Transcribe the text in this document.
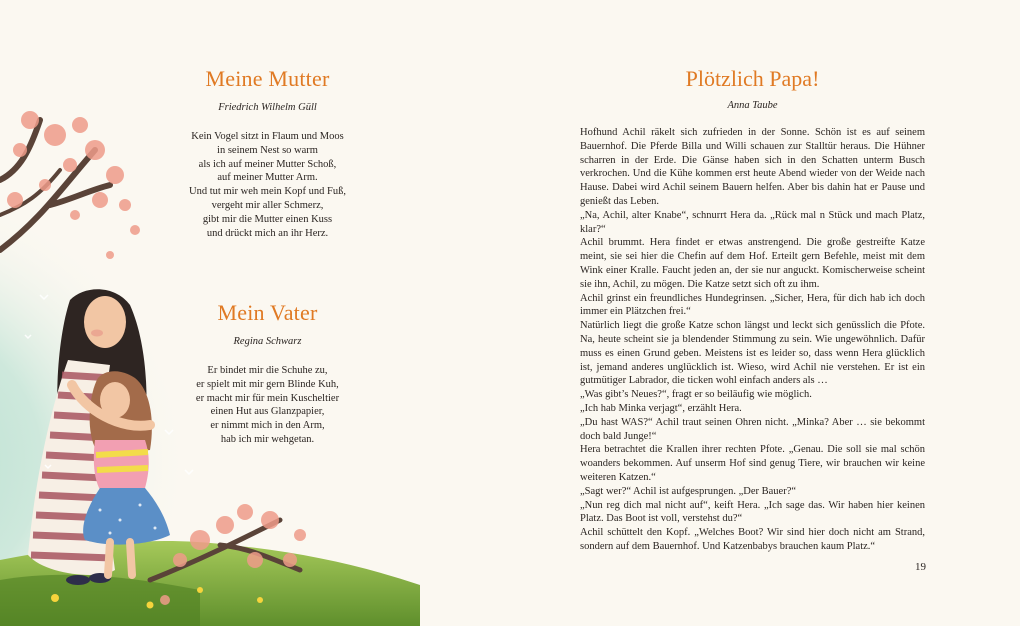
Meine Mutter
Friedrich Wilhelm Güll
Kein Vogel sitzt in Flaum und Moos
in seinem Nest so warm
als ich auf meiner Mutter Schoß,
auf meiner Mutter Arm.
Und tut mir weh mein Kopf und Fuß,
vergeht mir aller Schmerz,
gibt mir die Mutter einen Kuss
und drückt mich an ihr Herz.
Mein Vater
Regina Schwarz
Er bindet mir die Schuhe zu,
er spielt mit mir gern Blinde Kuh,
er macht mir für mein Kuscheltier
einen Hut aus Glanzpapier,
er nimmt mich in den Arm,
hab ich mir wehgetan.
Plötzlich Papa!
Anna Taube

Hofhund Achil räkelt sich zufrieden in der Sonne. Schön ist es auf seinem Bauernhof. Die Pferde Billa und Willi schauen zur Stalltür heraus. Die Hühner scharren in der Erde. Die Gänse haben sich in den Schatten unterm Busch verkrochen. Und die Kühe kommen erst heute Abend wieder von der Weide nach Hause. Dabei wird Achil seinem Bauern helfen. Aber bis dahin hat er Pause und genießt das Leben.

„Na, Achil, alter Knabe“, schnurrt Hera da. „Rück mal n Stück und mach Platz, klar?“

Achil brummt. Hera findet er etwas anstrengend. Die große gestreifte Katze meint, sie sei hier die Chefin auf dem Hof. Erteilt gern Befehle, meist mit dem Wink einer Kralle. Faucht jeden an, der sie nur anguckt. Komischerweise scheint sie ihn, Achil, zu mögen. Die Katze setzt sich oft zu ihm.

Achil grinst ein freundliches Hundegrinsen. „Sicher, Hera, für dich hab ich doch immer ein Plätzchen frei.“

Natürlich liegt die große Katze schon längst und leckt sich genüsslich die Pfote. Na, heute scheint sie ja blendender Stimmung zu sein. Wie ungewöhnlich. Dafür muss es einen Grund geben. Meistens ist es leider so, dass wenn Hera glücklich ist, jemand anderes unglücklich ist. Wieso, wird Achil nie verstehen. Er ist ein gutmütiger Labrador, die ticken wohl einfach anders als …

„Was gibt’s Neues?“, fragt er so beiläufig wie möglich.

„Ich hab Minka verjagt“, erzählt Hera.

„Du hast WAS?“ Achil traut seinen Ohren nicht. „Minka? Aber … sie bekommt doch bald Junge!“

Hera betrachtet die Krallen ihrer rechten Pfote. „Genau. Die soll sie mal schön woanders bekommen. Auf unserm Hof sind genug Tiere, wir brauchen wir keine weiteren Katzen.“

„Sagt wer?“ Achil ist aufgesprungen. „Der Bauer?“

„Nun reg dich mal nicht auf“, keift Hera. „Ich sage das. Wir haben hier keinen Platz. Das Boot ist voll, verstehst du?“

Achil schüttelt den Kopf. „Welches Boot? Wir sind hier doch nicht am Strand, sondern auf dem Bauernhof. Und Katzenbabys brauchen kaum Platz.“

19
